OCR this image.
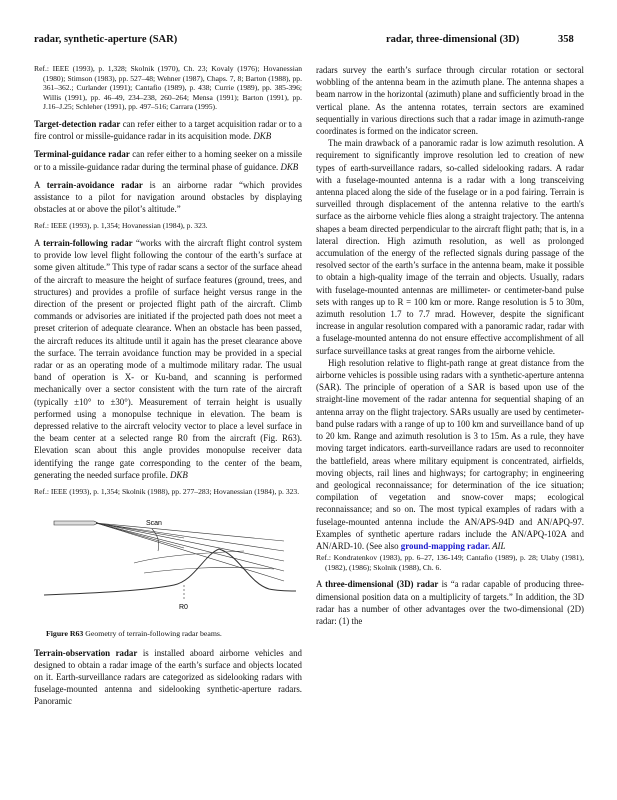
radar, synthetic-aperture (SAR)	radar, three-dimensional (3D)	358

Ref.: IEEE (1993), p. 1,328; Skolnik (1970), Ch. 23; Kovaly (1976); Hovanessian (1980); Stimson (1983), pp. 527–48; Wehner (1987), Chaps. 7, 8; Barton (1988), pp. 361–362.; Curlander (1991); Cantafio (1989), p. 438; Currie (1989), pp. 385-396; Willis (1991), pp. 46–49, 234–238, 260–264; Mensa (1991); Barton (1991), pp. J.16–J.25; Schleher (1991), pp. 497–516; Carrara (1995).

Target-detection radar can refer either to a target acquisition radar or to a fire control or missile-guidance radar in its acquisition mode. DKB

Terminal-guidance radar can refer either to a homing seeker on a missile or to a missile-guidance radar during the terminal phase of guidance. DKB

A terrain-avoidance radar is an airborne radar “which provides assistance to a pilot for navigation around obstacles by displaying obstacles at or above the pilot’s altitude.”

Ref.: IEEE (1993), p. 1,354; Hovanessian (1984), p. 323.

A terrain-following radar “works with the aircraft flight control system to provide low level flight following the contour of the earth’s surface at some given altitude.” This type of radar scans a sector of the surface ahead of the aircraft to measure the height of surface features (ground, trees, and structures) and provides a profile of surface height versus range in the direction of the present or projected flight path of the aircraft. Climb commands or advisories are initiated if the projected path does not meet a preset criterion of adequate clearance. When an obstacle has been passed, the aircraft reduces its altitude until it again has the preset clearance above the surface. The terrain avoidance function may be provided in a special radar or as an operating mode of a multimode military radar. The usual band of operation is X- or Ku-band, and scanning is performed mechanically over a sector consistent with the turn rate of the aircraft (typically ±10° to ±30°). Measurement of terrain height is usually performed using a monopulse technique in elevation. The beam is depressed relative to the aircraft velocity vector to place a level surface in the beam center at a selected range R0 from the aircraft (Fig. R63). Elevation scan about this angle provides monopulse receiver data identifying the range gate corresponding to the center of the beam, generating the needed surface profile. DKB

Ref.: IEEE (1993), p. 1,354; Skolnik (1988), pp. 277–283; Hovanessian (1984), p. 323.

Scan
R0
Figure R63 Geometry of terrain-following radar beams.

Terrain-observation radar is installed aboard airborne vehicles and designed to obtain a radar image of the earth’s surface and objects located on it. Earth-surveillance radars are categorized as sidelooking radars with fuselage-mounted antenna and sidelooking synthetic-aperture radars. Panoramic

radars survey the earth’s surface through circular rotation or sectoral wobbling of the antenna beam in the azimuth plane. The antenna shapes a beam narrow in the horizontal (azimuth) plane and sufficiently broad in the vertical plane. As the antenna rotates, terrain sectors are examined sequentially in various directions such that a radar image in azimuth-range coordinates is formed on the indicator screen.

The main drawback of a panoramic radar is low azimuth resolution. A requirement to significantly improve resolution led to creation of new types of earth-surveillance radars, so-called sidelooking radars. A radar with a fuselage-mounted antenna is a radar with a long transceiving antenna placed along the side of the fuselage or in a pod fairing. Terrain is surveilled through displacement of the antenna relative to the earth's surface as the airborne vehicle flies along a straight trajectory. The antenna shapes a beam directed perpendicular to the aircraft flight path; that is, in a lateral direction. High azimuth resolution, as well as prolonged accumulation of the energy of the reflected signals during passage of the resolved sector of the earth’s surface in the antenna beam, make it possible to obtain a high-quality image of the terrain and objects. Usually, radars with fuselage-mounted antennas are millimeter- or centimeter-band pulse sets with ranges up to R = 100 km or more. Range resolution is 5 to 30m, azimuth resolution 1.7 to 7.7 mrad. However, despite the significant increase in angular resolution compared with a panoramic radar, radar with a fuselage-mounted antenna do not ensure effective accomplishment of all surface surveillance tasks at great ranges from the airborne vehicle.

High resolution relative to flight-path range at great distance from the airborne vehicles is possible using radars with a synthetic-aperture antenna (SAR). The principle of operation of a SAR is based upon use of the straight-line movement of the radar antenna for sequential shaping of an antenna array on the flight trajectory. SARs usually are used by centimeter-band pulse radars with a range of up to 100 km and surveillance band of up to 20 km. Range and azimuth resolution is 3 to 15m. As a rule, they have moving target indicators. earth-surveillance radars are used to reconnoiter the battlefield, areas where military equipment is concentrated, airfields, moving objects, rail lines and highways; for cartography; in engineering and geological reconnaissance; for determination of the ice situation; compilation of vegetation and snow-cover maps; ecological reconnaissance; and so on. The most typical examples of radars with a fuselage-mounted antenna include the AN/APS-94D and AN/APQ-97. Examples of synthetic aperture radars include the AN/APQ-102A and AN/ARD-10. (See also ground-mapping radar. AIL

Ref.: Kondratenkov (1983), pp. 6–27, 136-149; Cantafio (1989), p. 28; Ulaby (1981), (1982), (1986); Skolnik (1988), Ch. 6.

A three-dimensional (3D) radar is “a radar capable of producing three-dimensional position data on a multiplicity of targets.” In addition, the 3D radar has a number of other advantages over the two-dimensional (2D) radar: (1) the
